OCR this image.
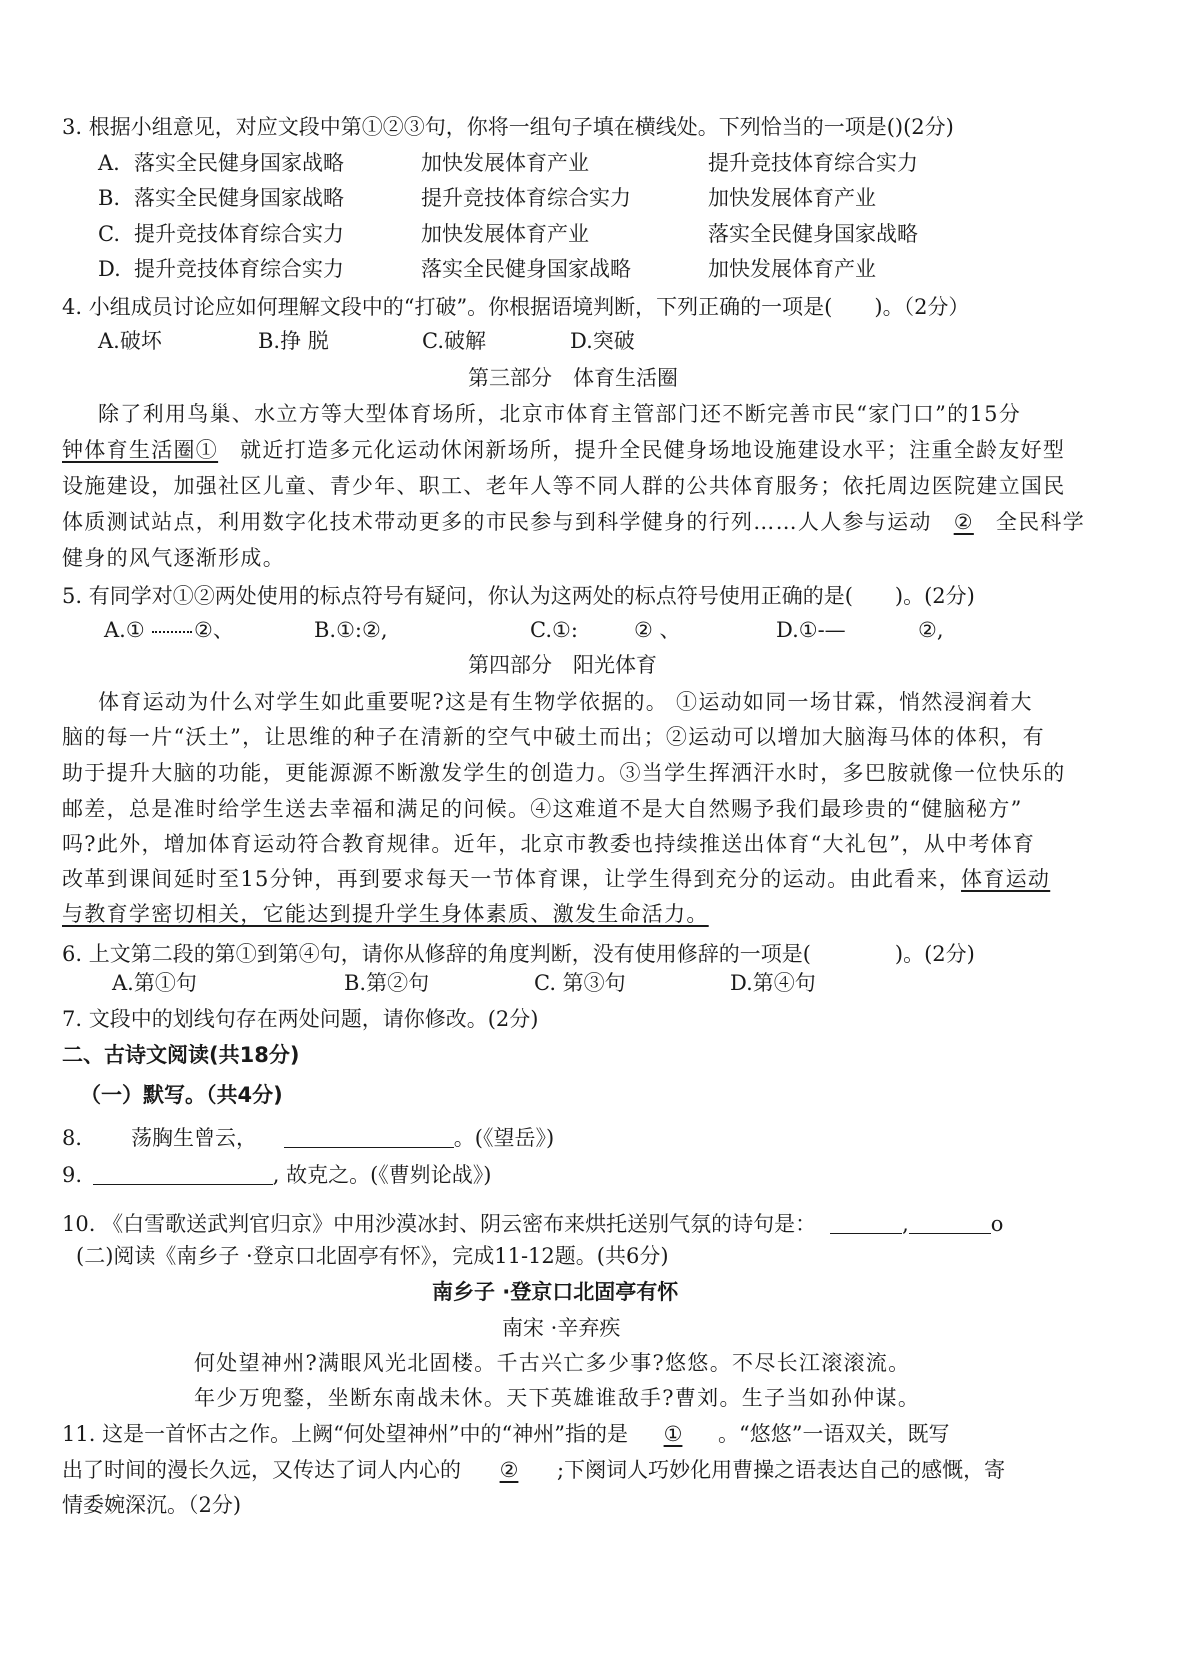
3. 根据小组意见，对应文段中第①②③句，你将一组句子填在横线处。下列恰当的一项是()(2分)
A. 落实全民健身国家战略	加快发展体育产业	提升竞技体育综合实力
B. 落实全民健身国家战略	提升竞技体育综合实力	加快发展体育产业
C. 提升竞技体育综合实力	加快发展体育产业	落实全民健身国家战略
D. 提升竞技体育综合实力	落实全民健身国家战略	加快发展体育产业
4. 小组成员讨论应如何理解文段中的“打破”。你根据语境判断，下列正确的一项是(　　)。（2分）
A.破坏	B.挣 脱	C.破解	D.突破
第三部分　体育生活圈
除了利用鸟巢、水立方等大型体育场所，北京市体育主管部门还不断完善市民“家门口”的15分
钟体育生活圈① 就近打造多元化运动休闲新场所，提升全民健身场地设施建设水平；注重全龄友好型
设施建设，加强社区儿童、青少年、职工、老年人等不同人群的公共体育服务；依托周边医院建立国民
体质测试站点，利用数字化技术带动更多的市民参与到科学健身的行列……人人参与运动 ② 全民科学
健身的风气逐渐形成。
5. 有同学对①②两处使用的标点符号有疑问，你认为这两处的标点符号使用正确的是(　　)。(2分)
A.① ②、	B.①:②,	C.①:	② 、	D.①-—	②,
第四部分　阳光体育
体育运动为什么对学生如此重要呢?这是有生物学依据的。 ①运动如同一场甘霖，悄然浸润着大
脑的每一片“沃土”，让思维的种子在清新的空气中破土而出；②运动可以增加大脑海马体的体积，有
助于提升大脑的功能，更能源源不断激发学生的创造力。③当学生挥洒汗水时，多巴胺就像一位快乐的
邮差，总是准时给学生送去幸福和满足的问候。④这难道不是大自然赐予我们最珍贵的“健脑秘方”
吗?此外，增加体育运动符合教育规律。近年，北京市教委也持续推送出体育“大礼包”，从中考体育
改革到课间延时至15分钟，再到要求每天一节体育课，让学生得到充分的运动。由此看来，体育运动
与教育学密切相关，它能达到提升学生身体素质、激发生命活力。
6. 上文第二段的第①到第④句，请你从修辞的角度判断，没有使用修辞的一项是(　　　　)。(2分)
A.第①句	B.第②句	C. 第③句	D.第④句
7. 文段中的划线句存在两处问题，请你修改。(2分)
二、古诗文阅读(共18分)
（一）默写。（共4分)
8． 荡胸生曾云，	。(《望岳》)
9.	, 故克之。(《曹刿论战》)
10. 《白雪歌送武判官归京》中用沙漠冰封、阴云密布来烘托送别气氛的诗句是：	,	o
(二)阅读《南乡子 ·登京口北固亭有怀》，完成11-12题。(共6分)
南乡子 ·登京口北固亭有怀
南宋 ·辛弃疾
何处望神州?满眼风光北固楼。千古兴亡多少事?悠悠。不尽长江滚滚流。
年少万兜鍪，坐断东南战未休。天下英雄谁敌手?曹刘。生子当如孙仲谋。
11. 这是一首怀古之作。上阙“何处望神州”中的“神州”指的是 ① 。“悠悠”一语双关，既写
出了时间的漫长久远，又传达了词人内心的 ② ;下阕词人巧妙化用曹操之语表达自己的感慨，寄
情委婉深沉。（2分)
